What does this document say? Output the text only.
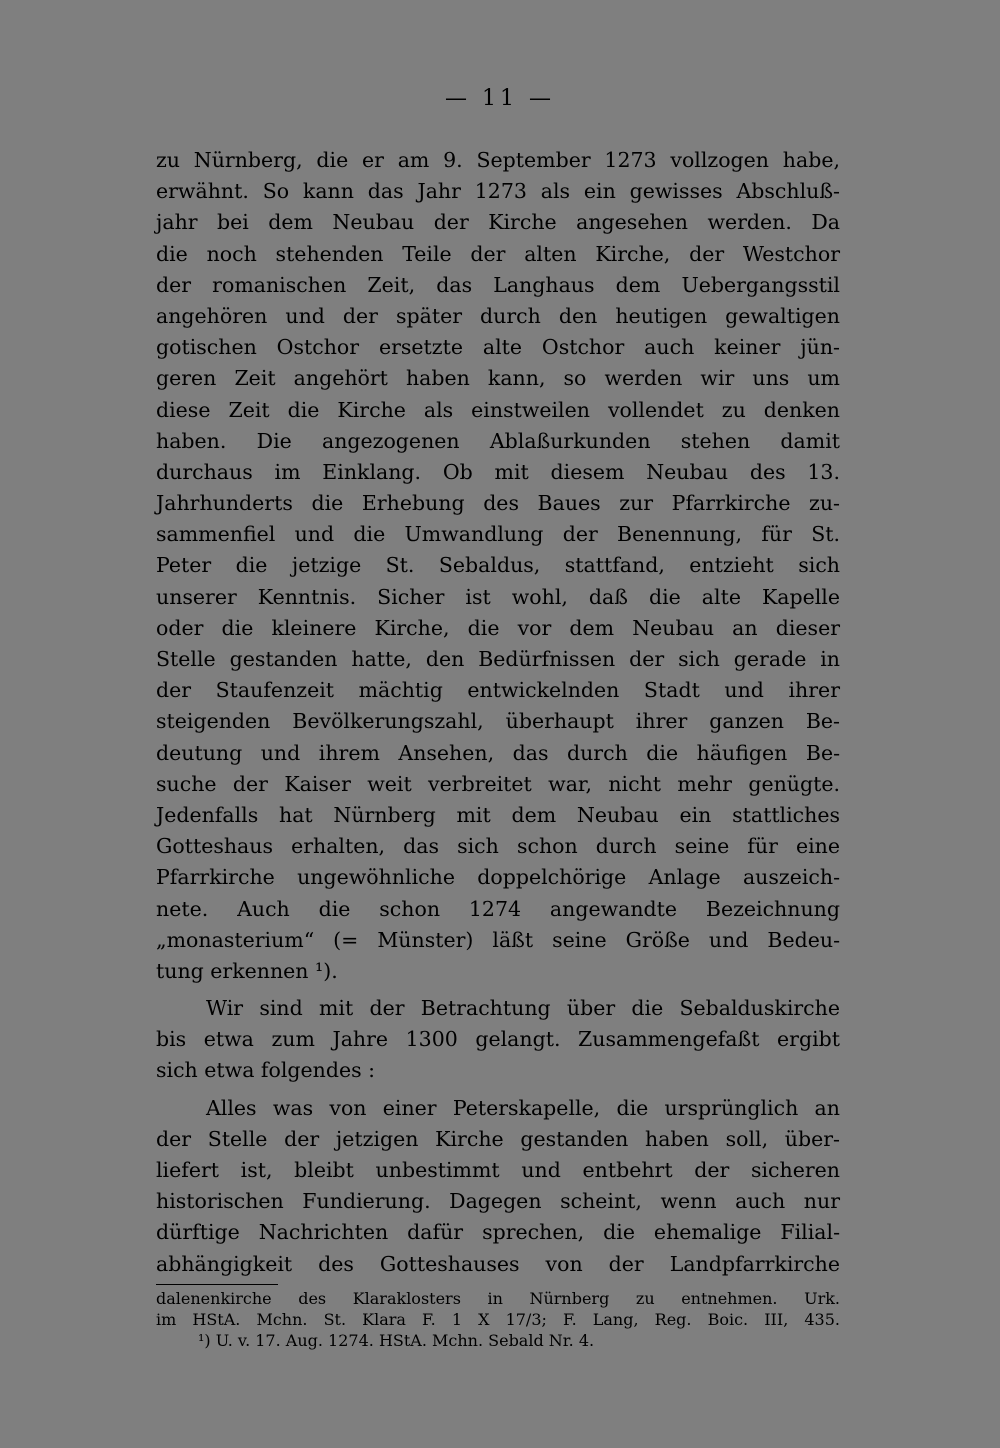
— 11 —
zu Nürnberg, die er am 9. September 1273 vollzogen habe,
erwähnt. So kann das Jahr 1273 als ein gewisses Abschluß-
jahr bei dem Neubau der Kirche angesehen werden. Da
die noch stehenden Teile der alten Kirche, der Westchor
der romanischen Zeit, das Langhaus dem Uebergangsstil
angehören und der später durch den heutigen gewaltigen
gotischen Ostchor ersetzte alte Ostchor auch keiner jün-
geren Zeit angehört haben kann, so werden wir uns um
diese Zeit die Kirche als einstweilen vollendet zu denken
haben. Die angezogenen Ablaßurkunden stehen damit
durchaus im Einklang. Ob mit diesem Neubau des 13.
Jahrhunderts die Erhebung des Baues zur Pfarrkirche zu-
sammenfiel und die Umwandlung der Benennung, für St.
Peter die jetzige St. Sebaldus, stattfand, entzieht sich
unserer Kenntnis. Sicher ist wohl, daß die alte Kapelle
oder die kleinere Kirche, die vor dem Neubau an dieser
Stelle gestanden hatte, den Bedürfnissen der sich gerade in
der Staufenzeit mächtig entwickelnden Stadt und ihrer
steigenden Bevölkerungszahl, überhaupt ihrer ganzen Be-
deutung und ihrem Ansehen, das durch die häufigen Be-
suche der Kaiser weit verbreitet war, nicht mehr genügte.
Jedenfalls hat Nürnberg mit dem Neubau ein stattliches
Gotteshaus erhalten, das sich schon durch seine für eine
Pfarrkirche ungewöhnliche doppelchörige Anlage auszeich-
nete. Auch die schon 1274 angewandte Bezeichnung
„monasterium“ (= Münster) läßt seine Größe und Bedeu-
tung erkennen ¹).
Wir sind mit der Betrachtung über die Sebalduskirche
bis etwa zum Jahre 1300 gelangt. Zusammengefaßt ergibt
sich etwa folgendes :
Alles was von einer Peterskapelle, die ursprünglich an
der Stelle der jetzigen Kirche gestanden haben soll, über-
liefert ist, bleibt unbestimmt und entbehrt der sicheren
historischen Fundierung. Dagegen scheint, wenn auch nur
dürftige Nachrichten dafür sprechen, die ehemalige Filial-
abhängigkeit des Gotteshauses von der Landpfarrkirche
dalenenkirche des Klaraklosters in Nürnberg zu entnehmen. Urk.
im HStA. Mchn. St. Klara F. 1 X 17/3; F. Lang, Reg. Boic. III, 435.
¹) U. v. 17. Aug. 1274. HStA. Mchn. Sebald Nr. 4.
